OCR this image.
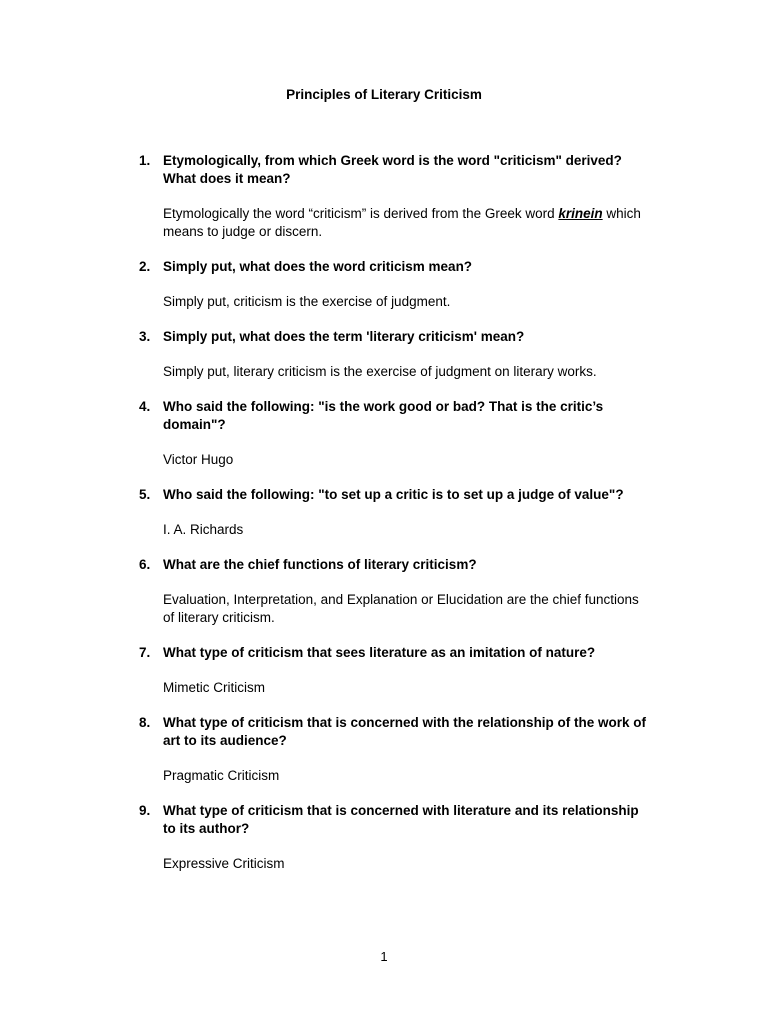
Principles of Literary Criticism
1. Etymologically, from which Greek word is the word "criticism" derived? What does it mean?

Etymologically the word “criticism” is derived from the Greek word krinein which means to judge or discern.

2. Simply put, what does the word criticism mean?

Simply put, criticism is the exercise of judgment.

3. Simply put, what does the term 'literary criticism' mean?

Simply put, literary criticism is the exercise of judgment on literary works.

4. Who said the following: "is the work good or bad? That is the critic’s domain"?

Victor Hugo

5. Who said the following: "to set up a critic is to set up a judge of value"?

I. A. Richards

6. What are the chief functions of literary criticism?

Evaluation, Interpretation, and Explanation or Elucidation are the chief functions of literary criticism.

7. What type of criticism that sees literature as an imitation of nature?

Mimetic Criticism

8. What type of criticism that is concerned with the relationship of the work of art to its audience?

Pragmatic Criticism

9. What type of criticism that is concerned with literature and its relationship to its author?

Expressive Criticism

1
